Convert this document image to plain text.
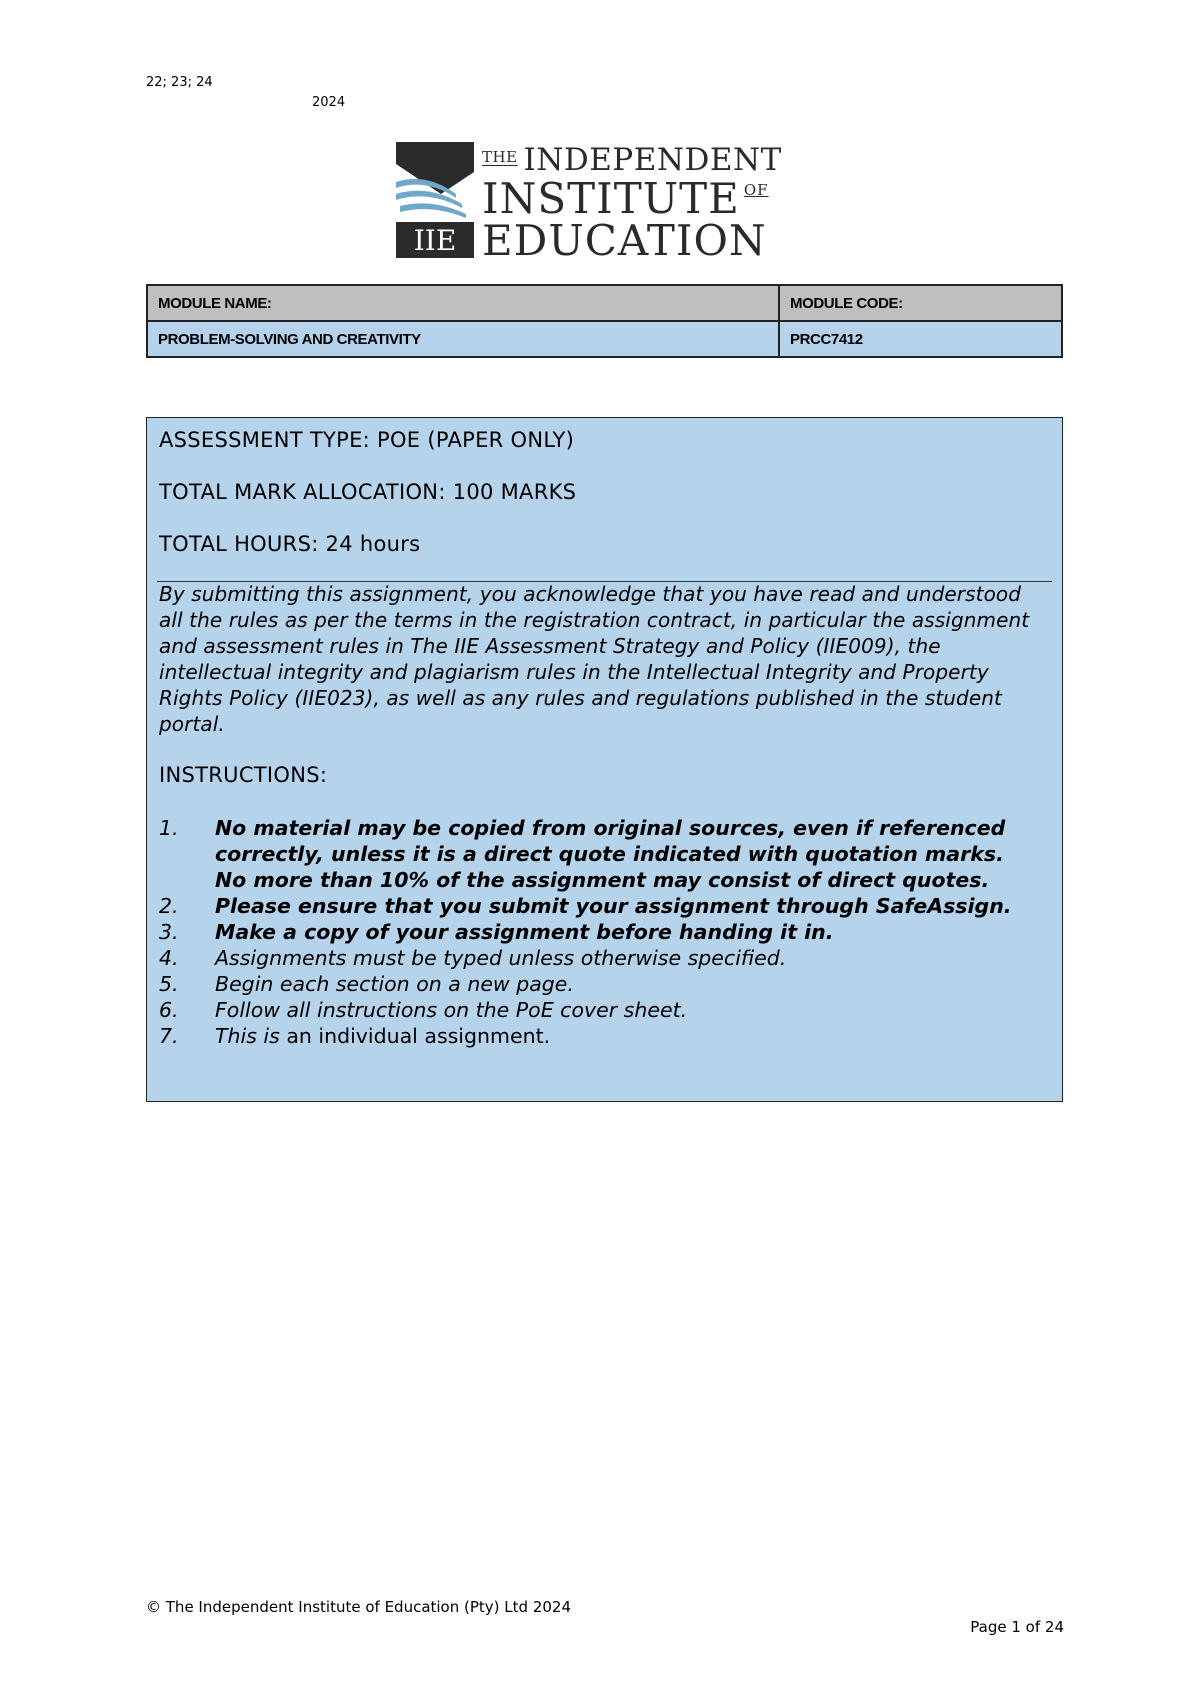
22; 23; 24
2024
IIE
$^{THE}$ INDEPENDENT
INSTITUTE $^{OF}$
EDUCATION
MODULE NAME:	MODULE CODE:
PROBLEM-SOLVING AND CREATIVITY	PRCC7412
ASSESSMENT TYPE: POE (PAPER ONLY)
TOTAL MARK ALLOCATION: 100 MARKS
TOTAL HOURS: 24 hours
By submitting this assignment, you acknowledge that you have read and understood all the rules as per the terms in the registration contract, in particular the assignment and assessment rules in The IIE Assessment Strategy and Policy (IIE009), the intellectual integrity and plagiarism rules in the Intellectual Integrity and Property Rights Policy (IIE023), as well as any rules and regulations published in the student portal.
INSTRUCTIONS:
1.	No material may be copied from original sources, even if referenced correctly, unless it is a direct quote indicated with quotation marks. No more than 10% of the assignment may consist of direct quotes.
2.	Please ensure that you submit your assignment through SafeAssign.
3.	Make a copy of your assignment before handing it in.
4.	Assignments must be typed unless otherwise specified.
5.	Begin each section on a new page.
6.	Follow all instructions on the PoE cover sheet.
7.	This is an individual assignment.
© The Independent Institute of Education (Pty) Ltd 2024
Page 1 of 24
